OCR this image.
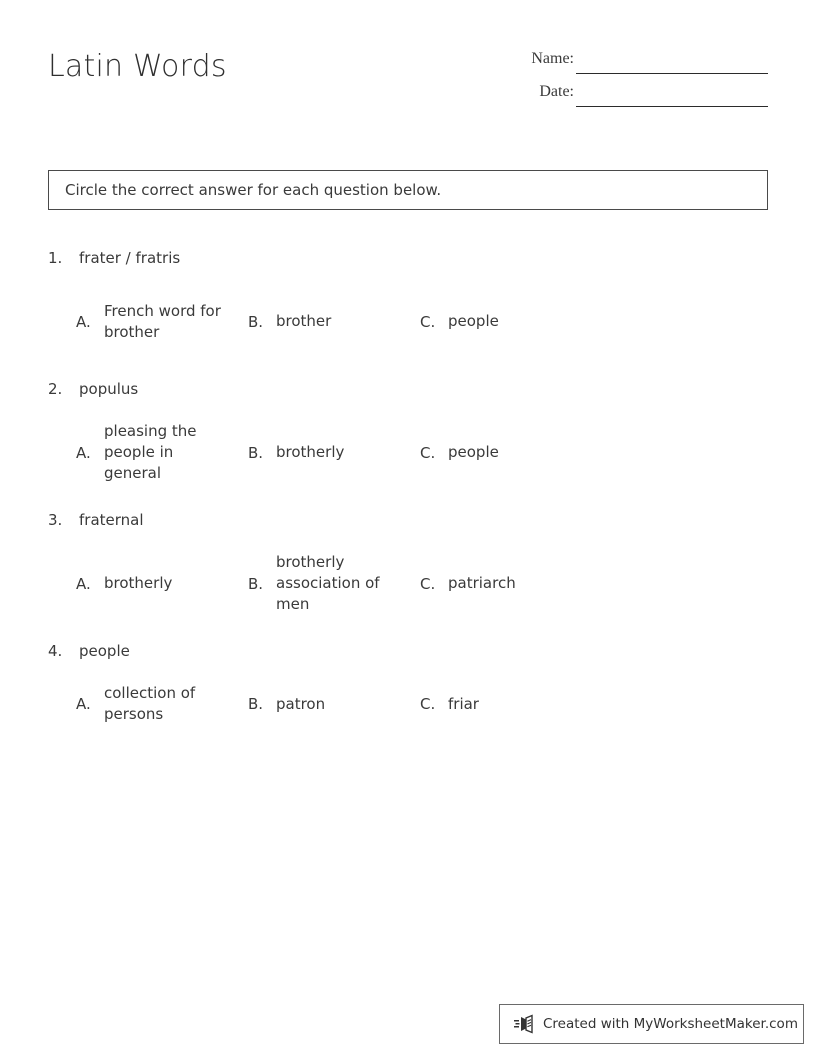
Latin Words	Name:
Date:
Circle the correct answer for each question below.
1.	frater / fratris
A.
French word for brother
B. brother	C. people
2.	populus
A.
pleasing the people in general
B. brotherly	C. people
3.	fraternal
A. brotherly	B.
brotherly association of men
C. patriarch
4.	people
A.
collection of persons
B. patron	C. friar
Created with MyWorksheetMaker.com
